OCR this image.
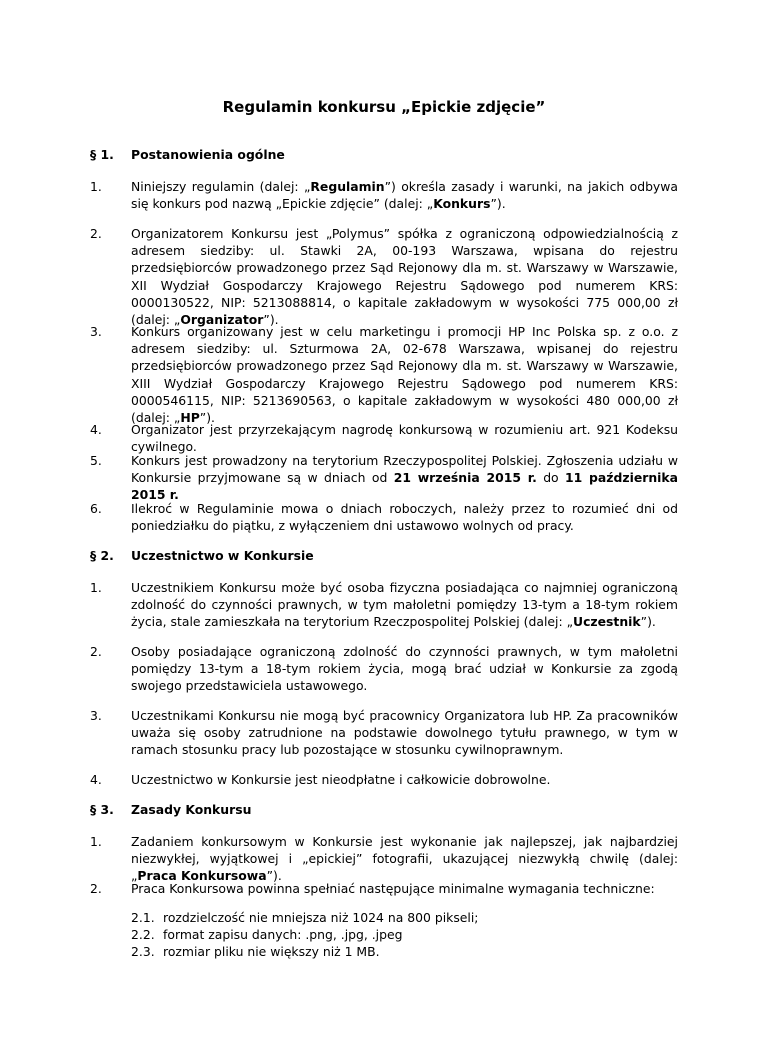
Regulamin konkursu „Epickie zdjęcie”
§ 1. Postanowienia ogólne
1. Niniejszy regulamin (dalej: „Regulamin”) określa zasady i warunki, na jakich odbywa się konkurs pod nazwą „Epickie zdjęcie” (dalej: „Konkurs”).
2. Organizatorem Konkursu jest „Polymus” spółka z ograniczoną odpowiedzialnością z adresem siedziby: ul. Stawki 2A, 00-193 Warszawa, wpisana do rejestru przedsiębiorców prowadzonego przez Sąd Rejonowy dla m. st. Warszawy w Warszawie, XII Wydział Gospodarczy Krajowego Rejestru Sądowego pod numerem KRS: 0000130522, NIP: 5213088814, o kapitale zakładowym w wysokości 775 000,00 zł (dalej: „Organizator”).
3. Konkurs organizowany jest w celu marketingu i promocji HP Inc Polska sp. z o.o. z adresem siedziby: ul. Szturmowa 2A, 02-678 Warszawa, wpisanej do rejestru przedsiębiorców prowadzonego przez Sąd Rejonowy dla m. st. Warszawy w Warszawie, XIII Wydział Gospodarczy Krajowego Rejestru Sądowego pod numerem KRS: 0000546115, NIP: 5213690563, o kapitale zakładowym w wysokości 480 000,00 zł (dalej: „HP”).
4. Organizator jest przyrzekającym nagrodę konkursową w rozumieniu art. 921 Kodeksu cywilnego.
5. Konkurs jest prowadzony na terytorium Rzeczypospolitej Polskiej. Zgłoszenia udziału w Konkursie przyjmowane są w dniach od 21 września 2015 r. do 11 października 2015 r.
6. Ilekroć w Regulaminie mowa o dniach roboczych, należy przez to rozumieć dni od poniedziałku do piątku, z wyłączeniem dni ustawowo wolnych od pracy.
§ 2. Uczestnictwo w Konkursie
1. Uczestnikiem Konkursu może być osoba fizyczna posiadająca co najmniej ograniczoną zdolność do czynności prawnych, w tym małoletni pomiędzy 13-tym a 18-tym rokiem życia, stale zamieszkała na terytorium Rzeczpospolitej Polskiej (dalej: „Uczestnik”).
2. Osoby posiadające ograniczoną zdolność do czynności prawnych, w tym małoletni pomiędzy 13-tym a 18-tym rokiem życia, mogą brać udział w Konkursie za zgodą swojego przedstawiciela ustawowego.
3. Uczestnikami Konkursu nie mogą być pracownicy Organizatora lub HP. Za pracowników uważa się osoby zatrudnione na podstawie dowolnego tytułu prawnego, w tym w ramach stosunku pracy lub pozostające w stosunku cywilnoprawnym.
4. Uczestnictwo w Konkursie jest nieodpłatne i całkowicie dobrowolne.
§ 3. Zasady Konkursu
1. Zadaniem konkursowym w Konkursie jest wykonanie jak najlepszej, jak najbardziej niezwykłej, wyjątkowej i „epickiej” fotografii, ukazującej niezwykłą chwilę (dalej: „Praca Konkursowa”).
2. Praca Konkursowa powinna spełniać następujące minimalne wymagania techniczne:
2.1. rozdzielczość nie mniejsza niż 1024 na 800 pikseli;
2.2. format zapisu danych: .png, .jpg, .jpeg
2.3. rozmiar pliku nie większy niż 1 MB.
